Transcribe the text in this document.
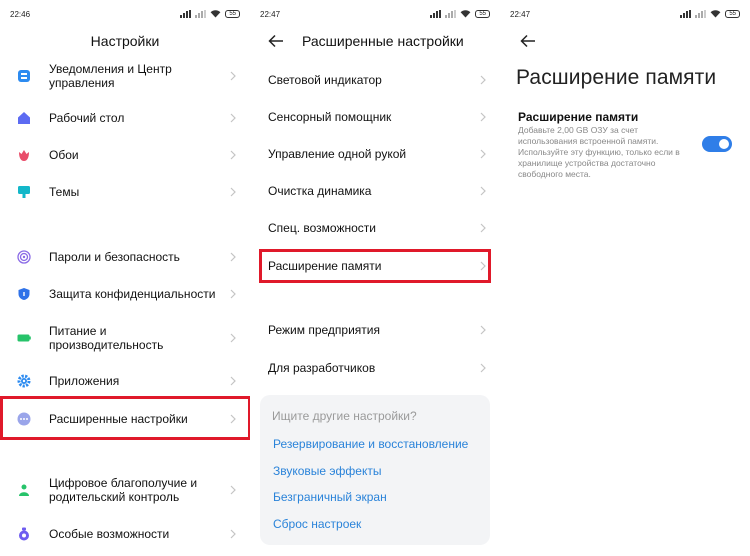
22:46	55
Настройки
Уведомления и Центр управления
Рабочий стол
Обои
Темы
Пароли и безопасность
Защита конфиденциальности
Питание и производительность
Приложения
Расширенные настройки
Цифровое благополучие и родительский контроль
Особые возможности
22:47	55
Расширенные настройки
Световой индикатор
Сенсорный помощник
Управление одной рукой
Очистка динамика
Спец. возможности
Расширение памяти
Режим предприятия
Для разработчиков
Ищите другие настройки?
Резервирование и восстановление
Звуковые эффекты
Безграничный экран
Сброс настроек
22:47	55
Расширение памяти
Расширение памяти
Добавьте 2,00 GB ОЗУ за счет использования встроенной памяти. Используйте эту функцию, только если в хранилище устройства достаточно свободного места.
